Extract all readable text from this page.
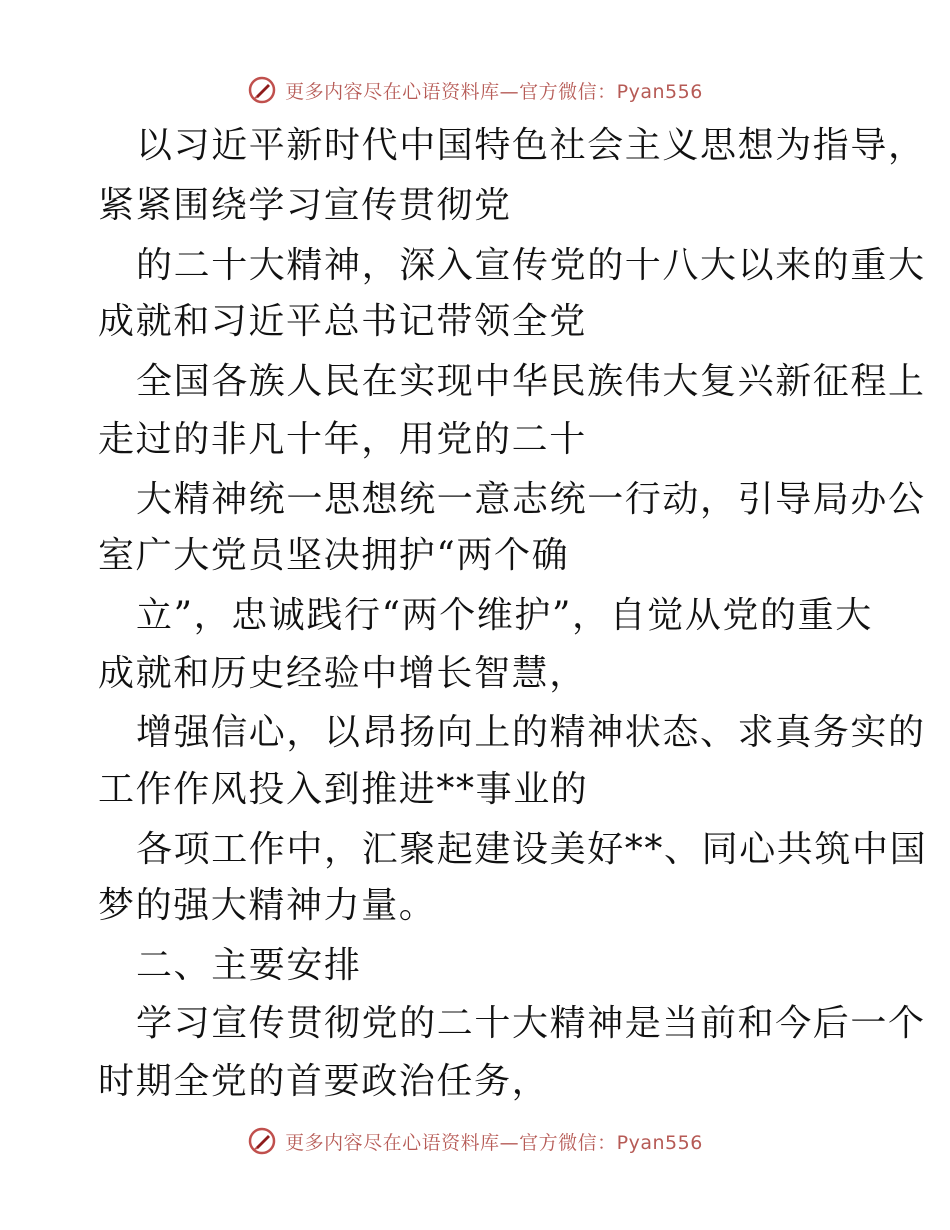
更多内容尽在心语资料库—官方微信：Pyan556
以习近平新时代中国特色社会主义思想为指导，
紧紧围绕学习宣传贯彻党
的二十大精神，深入宣传党的十八大以来的重大
成就和习近平总书记带领全党
全国各族人民在实现中华民族伟大复兴新征程上
走过的非凡十年，用党的二十
大精神统一思想统一意志统一行动，引导局办公
室广大党员坚决拥护“两个确
立”，忠诚践行“两个维护”，自觉从党的重大
成就和历史经验中增长智慧，
增强信心，以昂扬向上的精神状态、求真务实的
工作作风投入到推进**事业的
各项工作中，汇聚起建设美好**、同心共筑中国
梦的强大精神力量。
二、主要安排
学习宣传贯彻党的二十大精神是当前和今后一个
时期全党的首要政治任务，
更多内容尽在心语资料库—官方微信：Pyan556
